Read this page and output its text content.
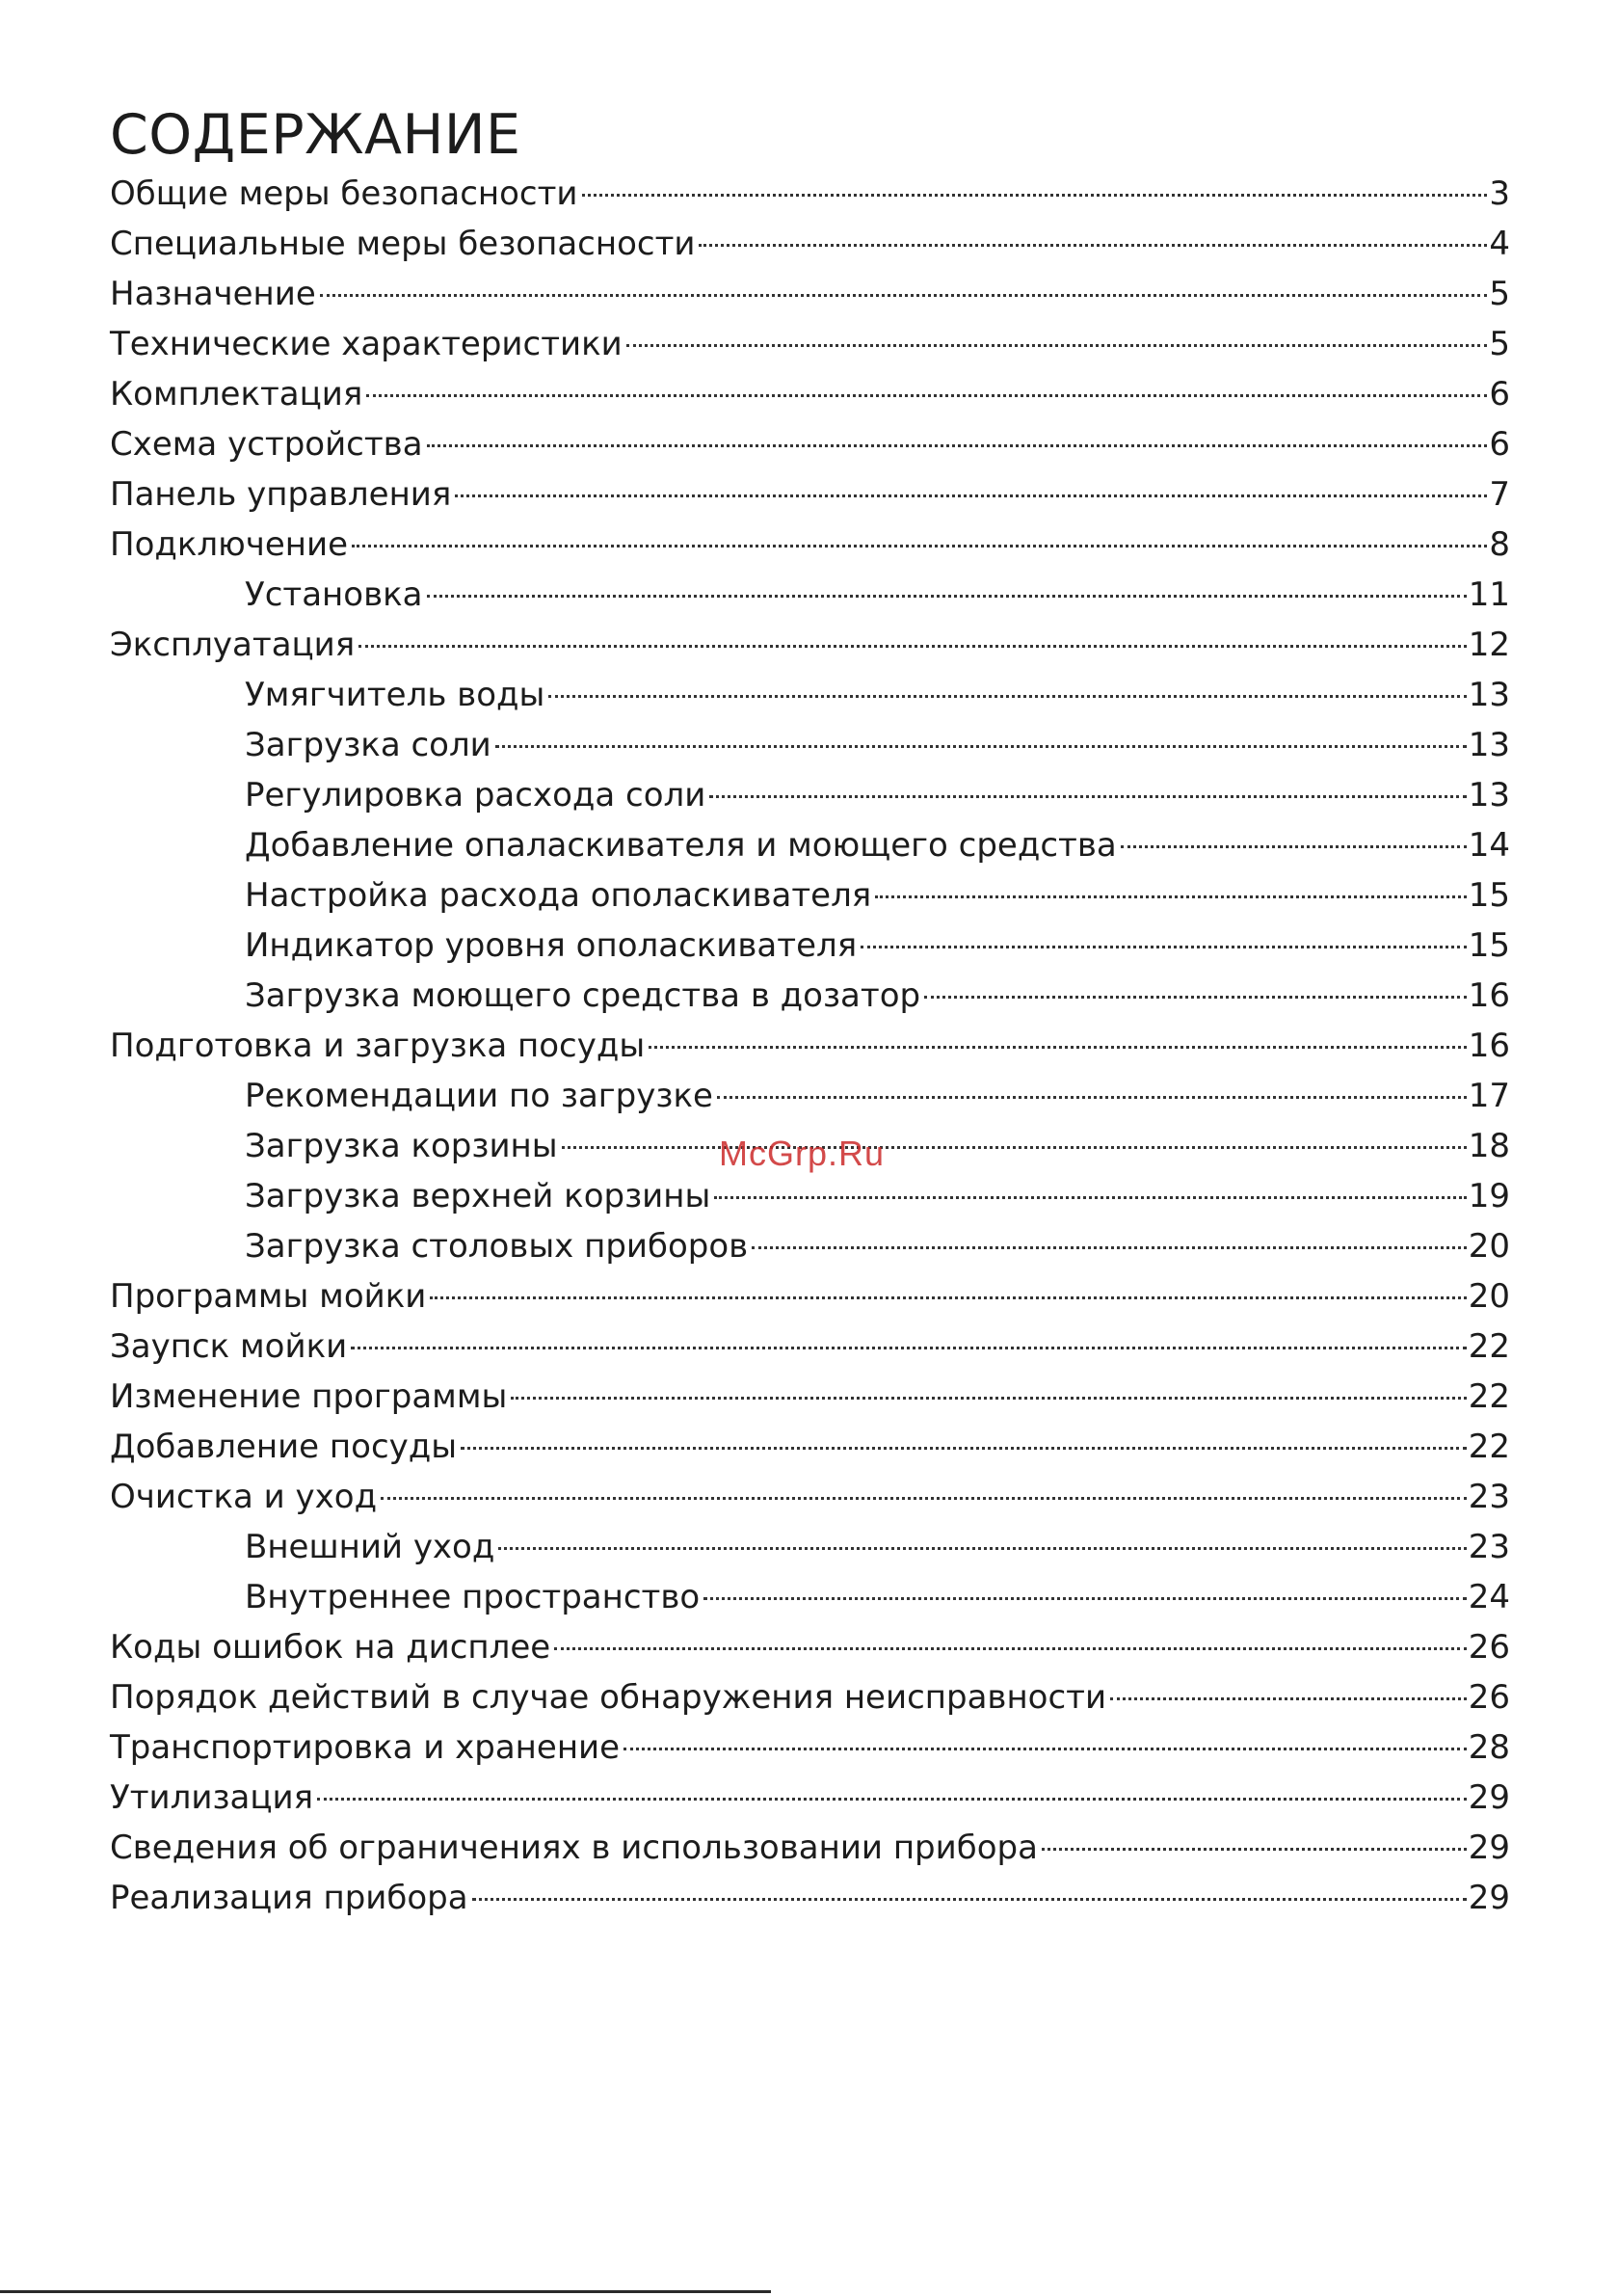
СОДЕРЖАНИЕ
Общие меры безопасности	3
Специальные меры безопасности	4
Назначение	5
Технические характеристики	5
Комплектация	6
Схема устройства	6
Панель управления	7
Подключение	8
Установка	11
Эксплуатация	12
Умягчитель воды	13
Загрузка соли	13
Регулировка расхода соли	13
Добавление опаласкивателя и моющего средства	14
Настройка расхода ополаскивателя	15
Индикатор уровня ополаскивателя	15
Загрузка моющего средства в дозатор	16
Подготовка и загрузка посуды	16
Рекомендации по загрузке	17
Загрузка корзины	18
Загрузка верхней корзины	19
Загрузка столовых приборов	20
Программы мойки	20
Заупск мойки	22
Изменение программы	22
Добавление посуды	22
Очистка и уход	23
Внешний уход	23
Внутреннее пространство	24
Коды ошибок на дисплее	26
Порядок действий в случае обнаружения неисправности	26
Транспортировка и хранение	28
Утилизация	29
Сведения об ограничениях в использовании прибора	29
Реализация прибора	29
McGrp.Ru
